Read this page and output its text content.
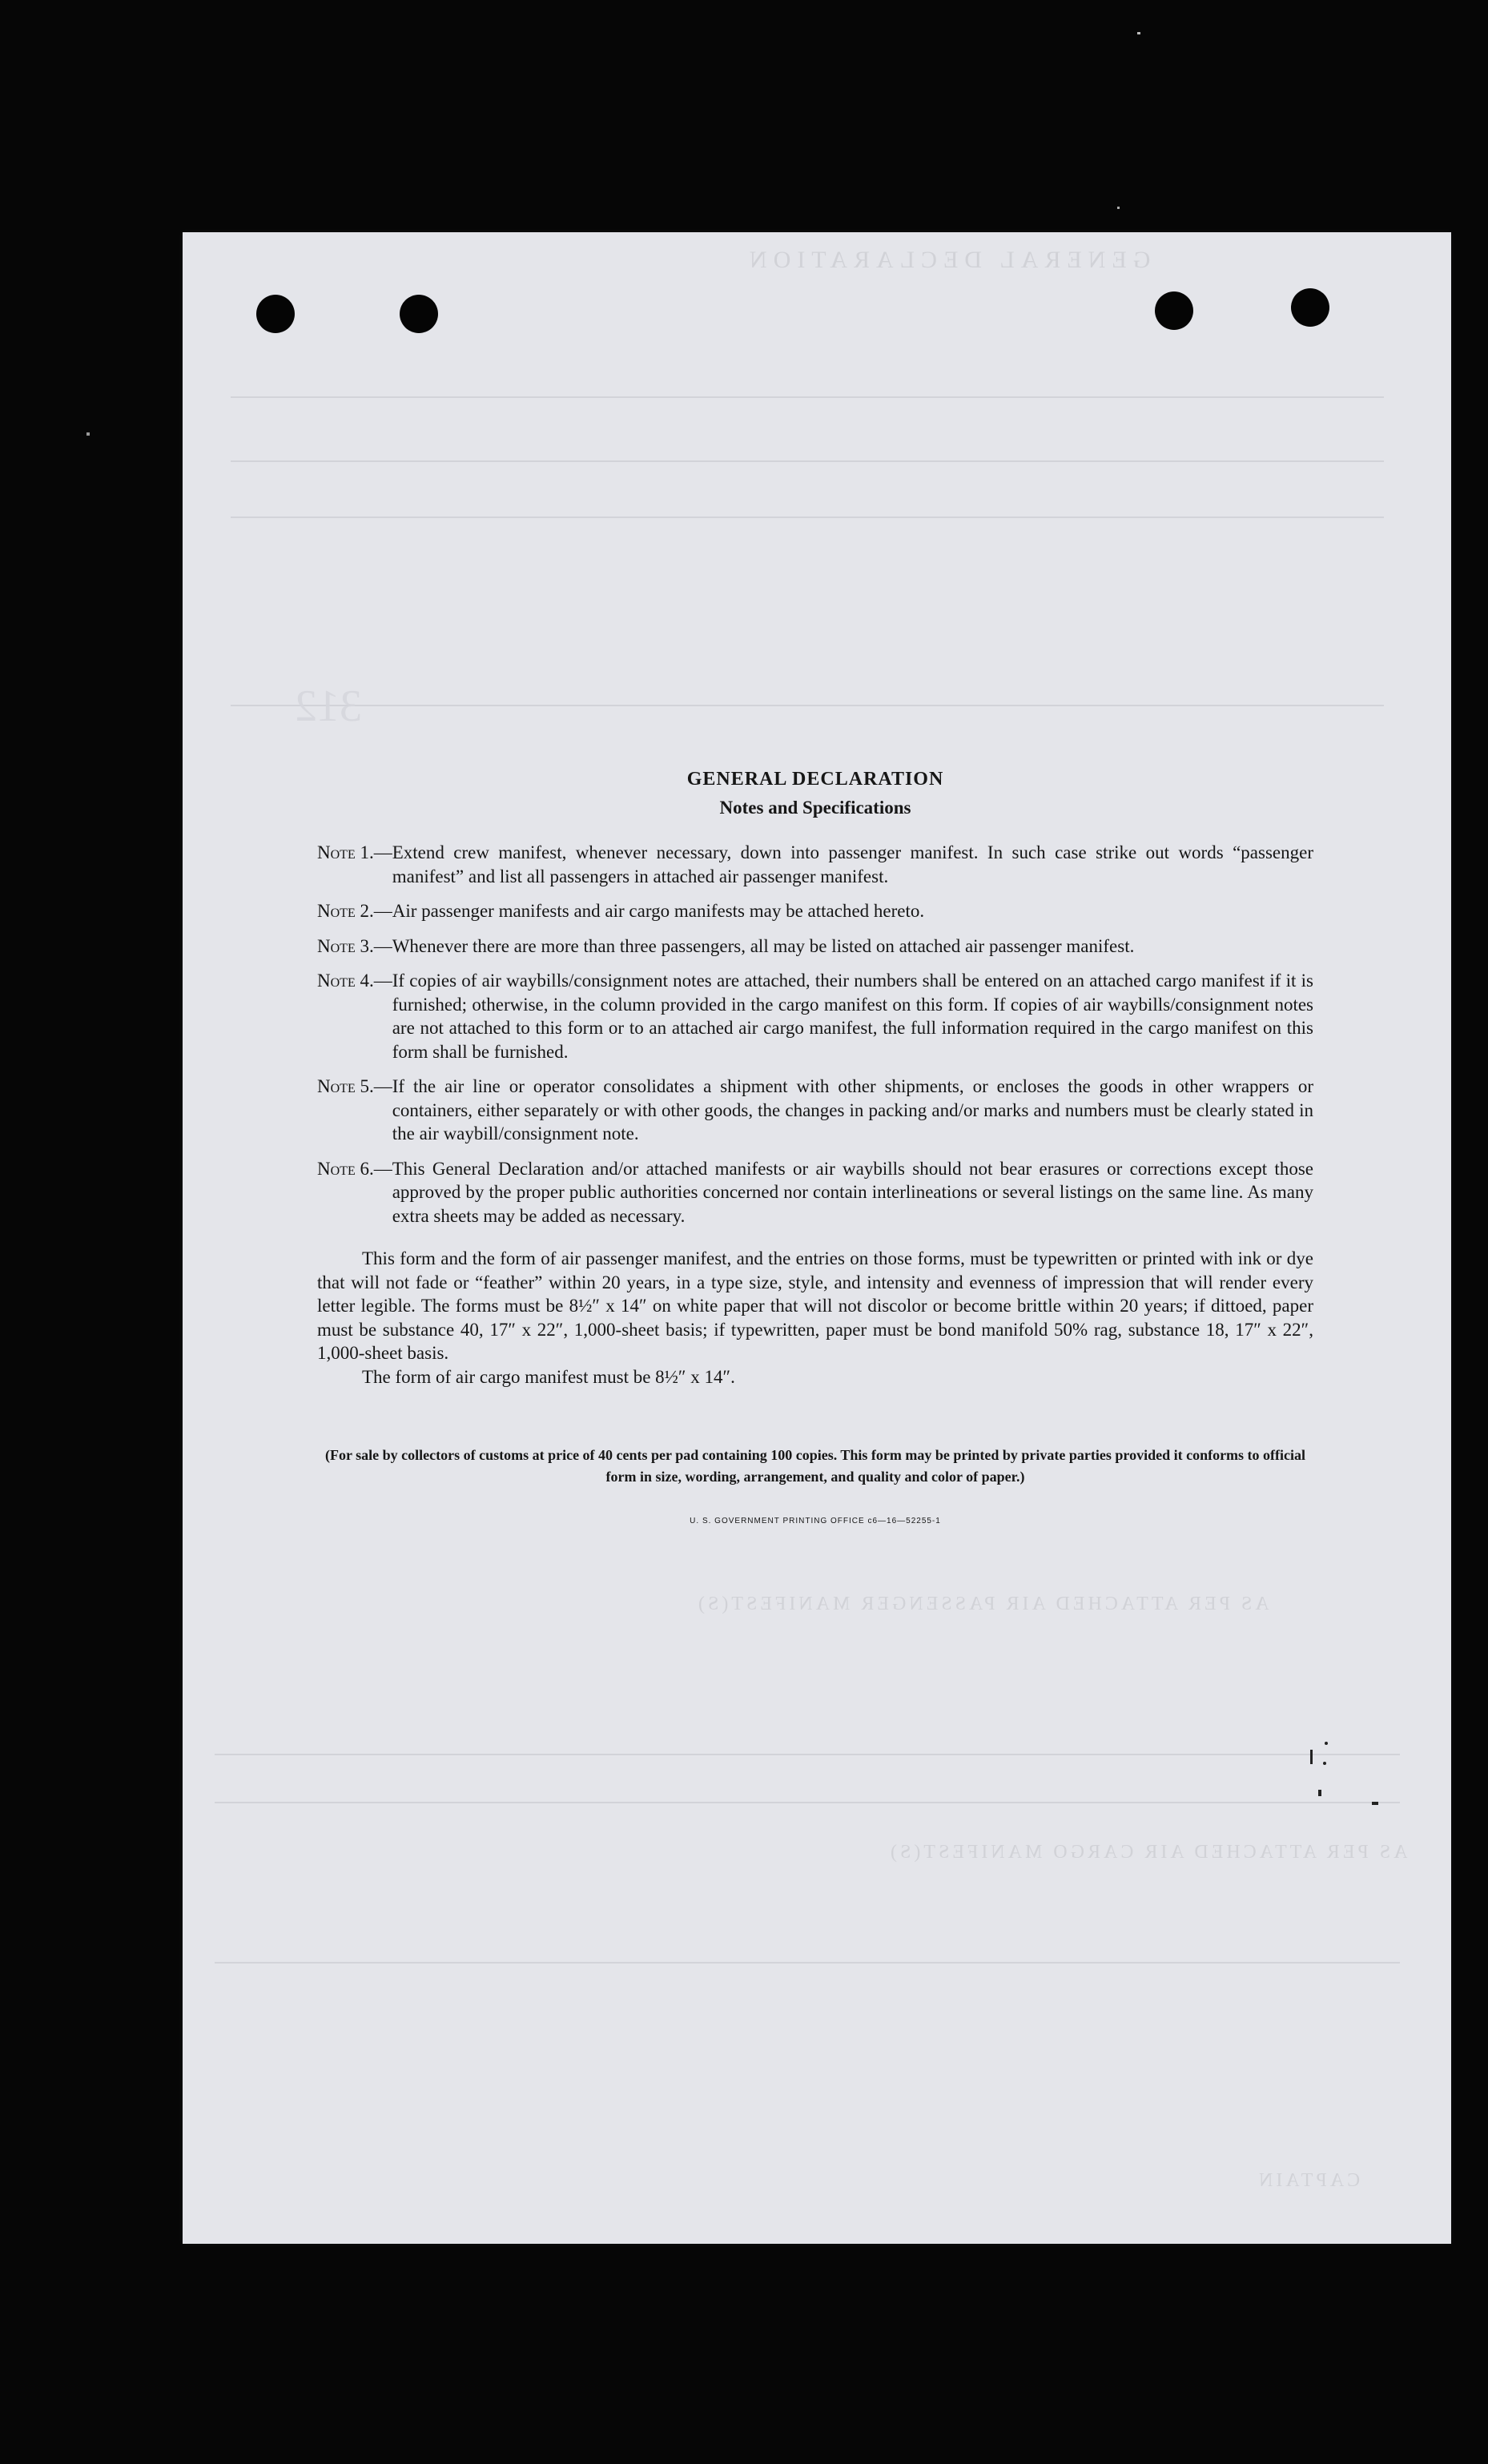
GENERAL DECLARATION
312
AS PER ATTACHED AIR PASSENGER MANIFEST(S)
AS PER ATTACHED AIR CARGO MANIFEST(S)
CAPTAIN
GENERAL DECLARATION
Notes and Specifications
Note 1.— Extend crew manifest, whenever necessary, down into passenger manifest. In such case strike out words “passenger manifest” and list all passengers in attached air passenger manifest.
Note 2.— Air passenger manifests and air cargo manifests may be attached hereto.
Note 3.— Whenever there are more than three passengers, all may be listed on attached air passenger manifest.
Note 4.— If copies of air waybills/consignment notes are attached, their numbers shall be entered on an attached cargo manifest if it is furnished; otherwise, in the column provided in the cargo manifest on this form. If copies of air waybills/consignment notes are not attached to this form or to an attached air cargo manifest, the full information required in the cargo manifest on this form shall be furnished.
Note 5.— If the air line or operator consolidates a shipment with other shipments, or encloses the goods in other wrappers or containers, either separately or with other goods, the changes in packing and/or marks and numbers must be clearly stated in the air waybill/consignment note.
Note 6.— This General Declaration and/or attached manifests or air waybills should not bear erasures or corrections except those approved by the proper public authorities concerned nor contain interlineations or several listings on the same line. As many extra sheets may be added as necessary.

This form and the form of air passenger manifest, and the entries on those forms, must be typewritten or printed with ink or dye that will not fade or “feather” within 20 years, in a type size, style, and intensity and evenness of impression that will render every letter legible. The forms must be 8½″ x 14″ on white paper that will not discolor or become brittle within 20 years; if dittoed, paper must be substance 40, 17″ x 22″, 1,000-sheet basis; if typewritten, paper must be bond manifold 50% rag, substance 18, 17″ x 22″, 1,000-sheet basis.

The form of air cargo manifest must be 8½″ x 14″.

(For sale by collectors of customs at price of 40 cents per pad containing 100 copies. This form may be printed by private parties provided it conforms to official form in size, wording, arrangement, and quality and color of paper.)
U. S. GOVERNMENT PRINTING OFFICE c6—16—52255-1
